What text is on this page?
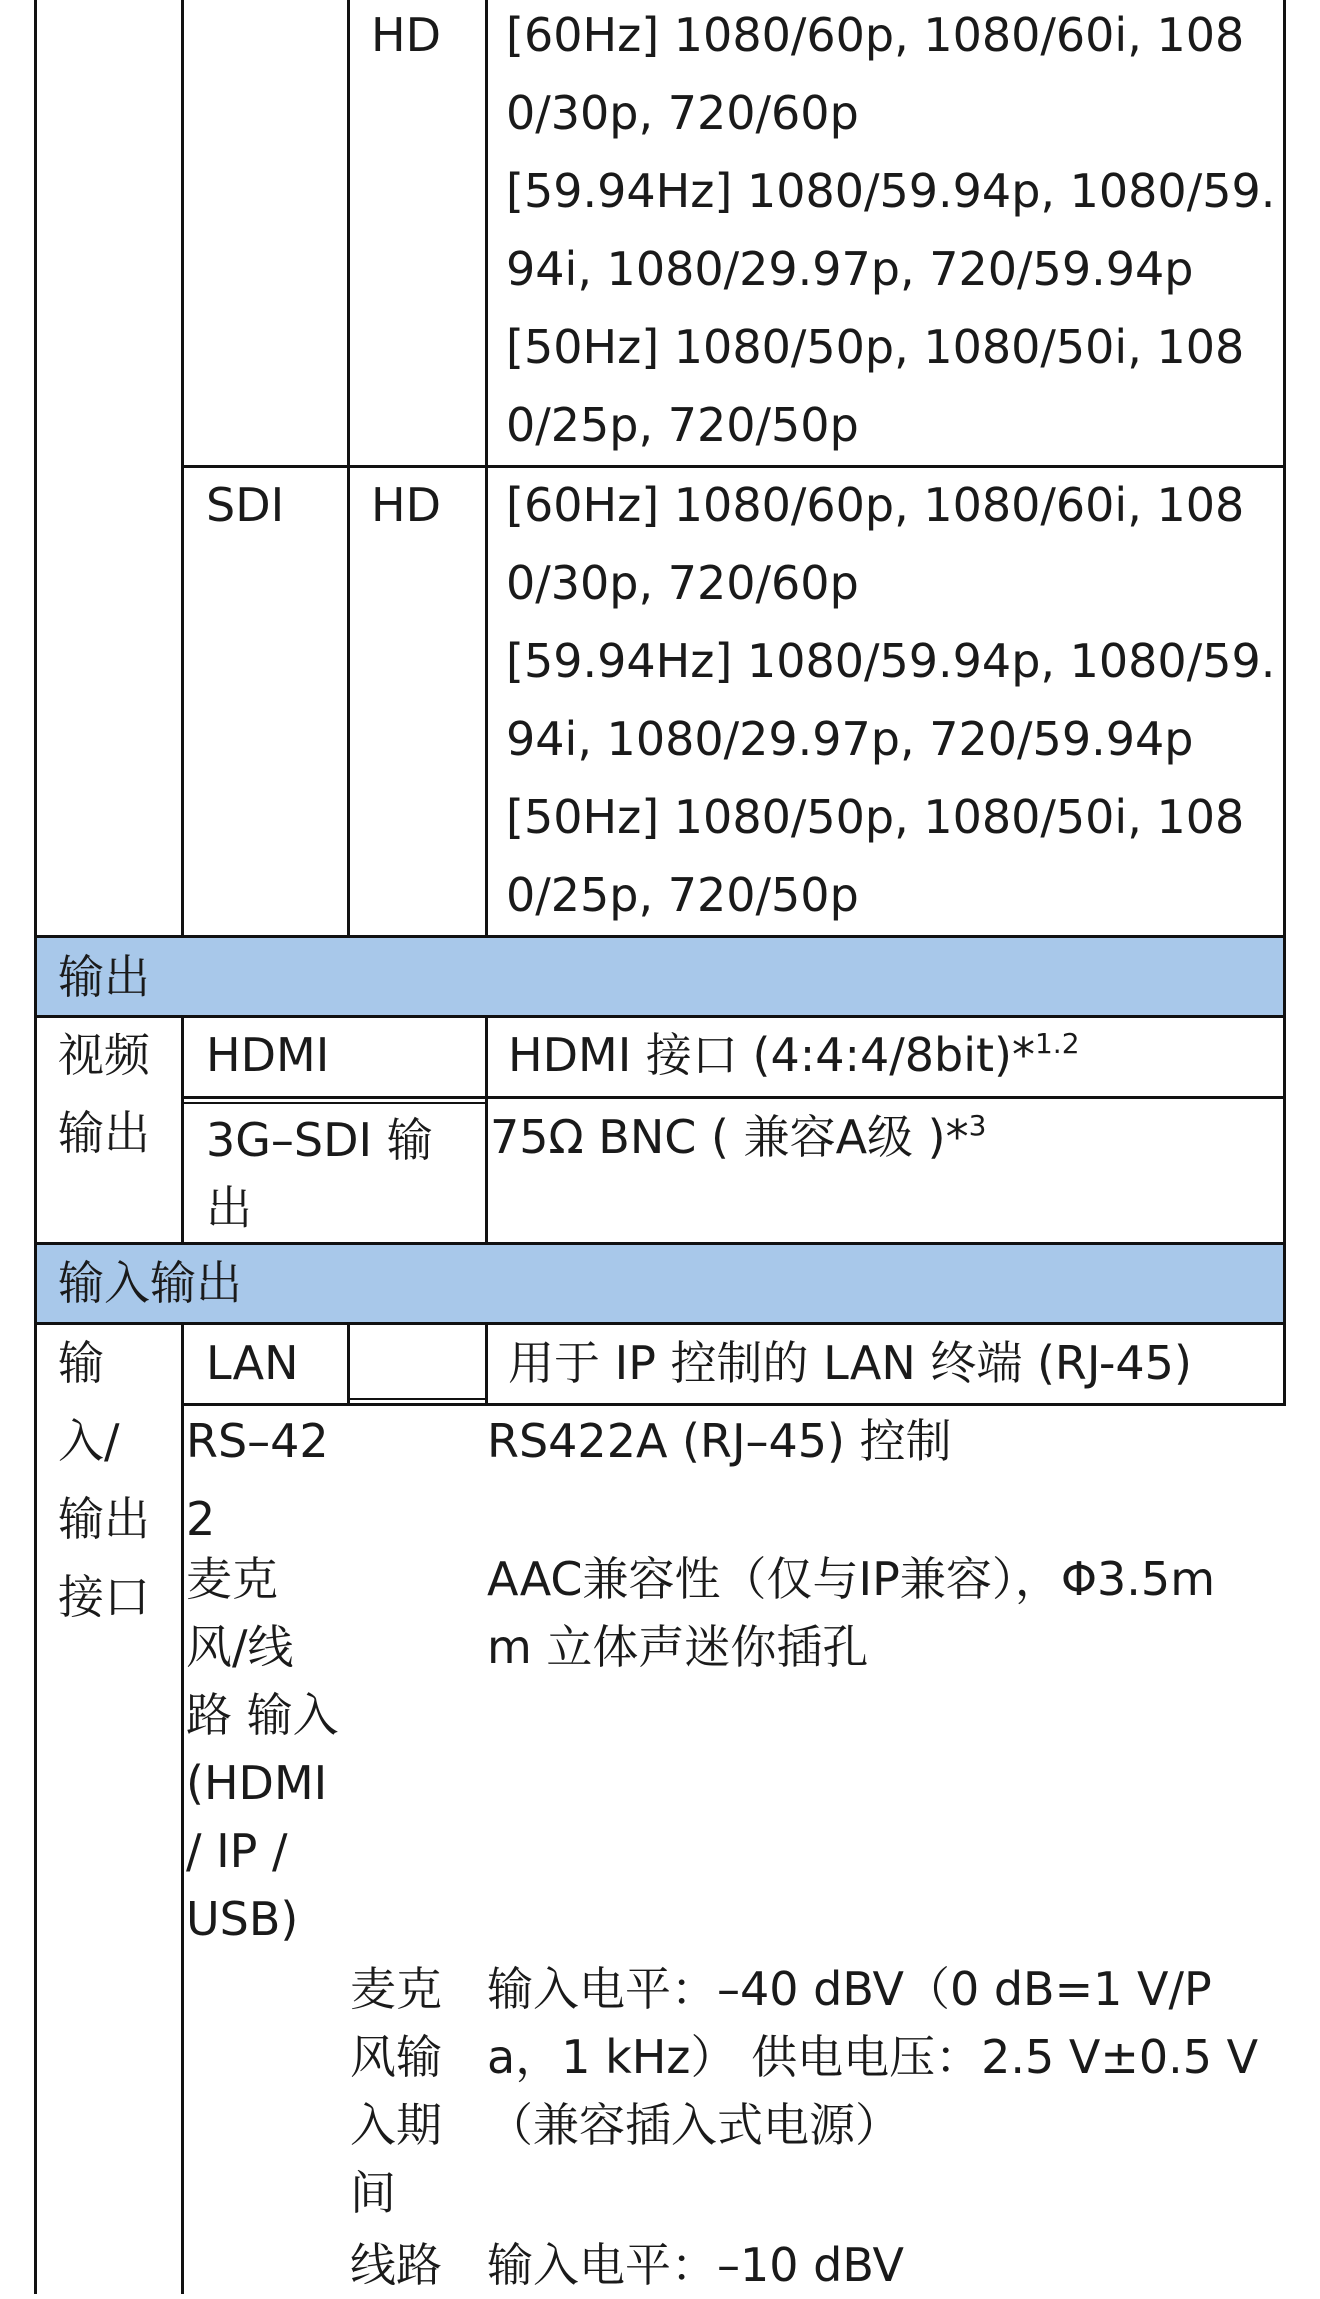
HD [60Hz] 1080/60p, 1080/60i, 108
0/30p, 720/60p
[59.94Hz] 1080/59.94p, 1080/59.
94i, 1080/29.97p, 720/59.94p
[50Hz] 1080/50p, 1080/50i, 108
0/25p, 720/50p
SDI HD [60Hz] 1080/60p, 1080/60i, 108
0/30p, 720/60p
[59.94Hz] 1080/59.94p, 1080/59.
94i, 1080/29.97p, 720/59.94p
[50Hz] 1080/50p, 1080/50i, 108
0/25p, 720/50p
输出
视频
输出
HDMI	HDMI 接口 (4:4:4/8bit)*$^{1.2}$
3G–SDI 输
出
75Ω BNC ( 兼容A级 )*$^3$
输入输出
输
入/
输出
接口
LAN	用于 IP 控制的 LAN 终端 (RJ-45)
RS–42
2
RS422A (RJ–45) 控制
麦克
风/线
路 输入
(HDMI
/ IP /
USB)
AAC兼容性（仅与IP兼容），Φ3.5m
m 立体声迷你插孔
麦克
风输
入期
间
输入电平：–40 dBV（0 dB=1 V/P
a，1 kHz） 供电电压：2.5 V±0.5 V
（兼容插入式电源）
线路 输入电平：–10 dBV
